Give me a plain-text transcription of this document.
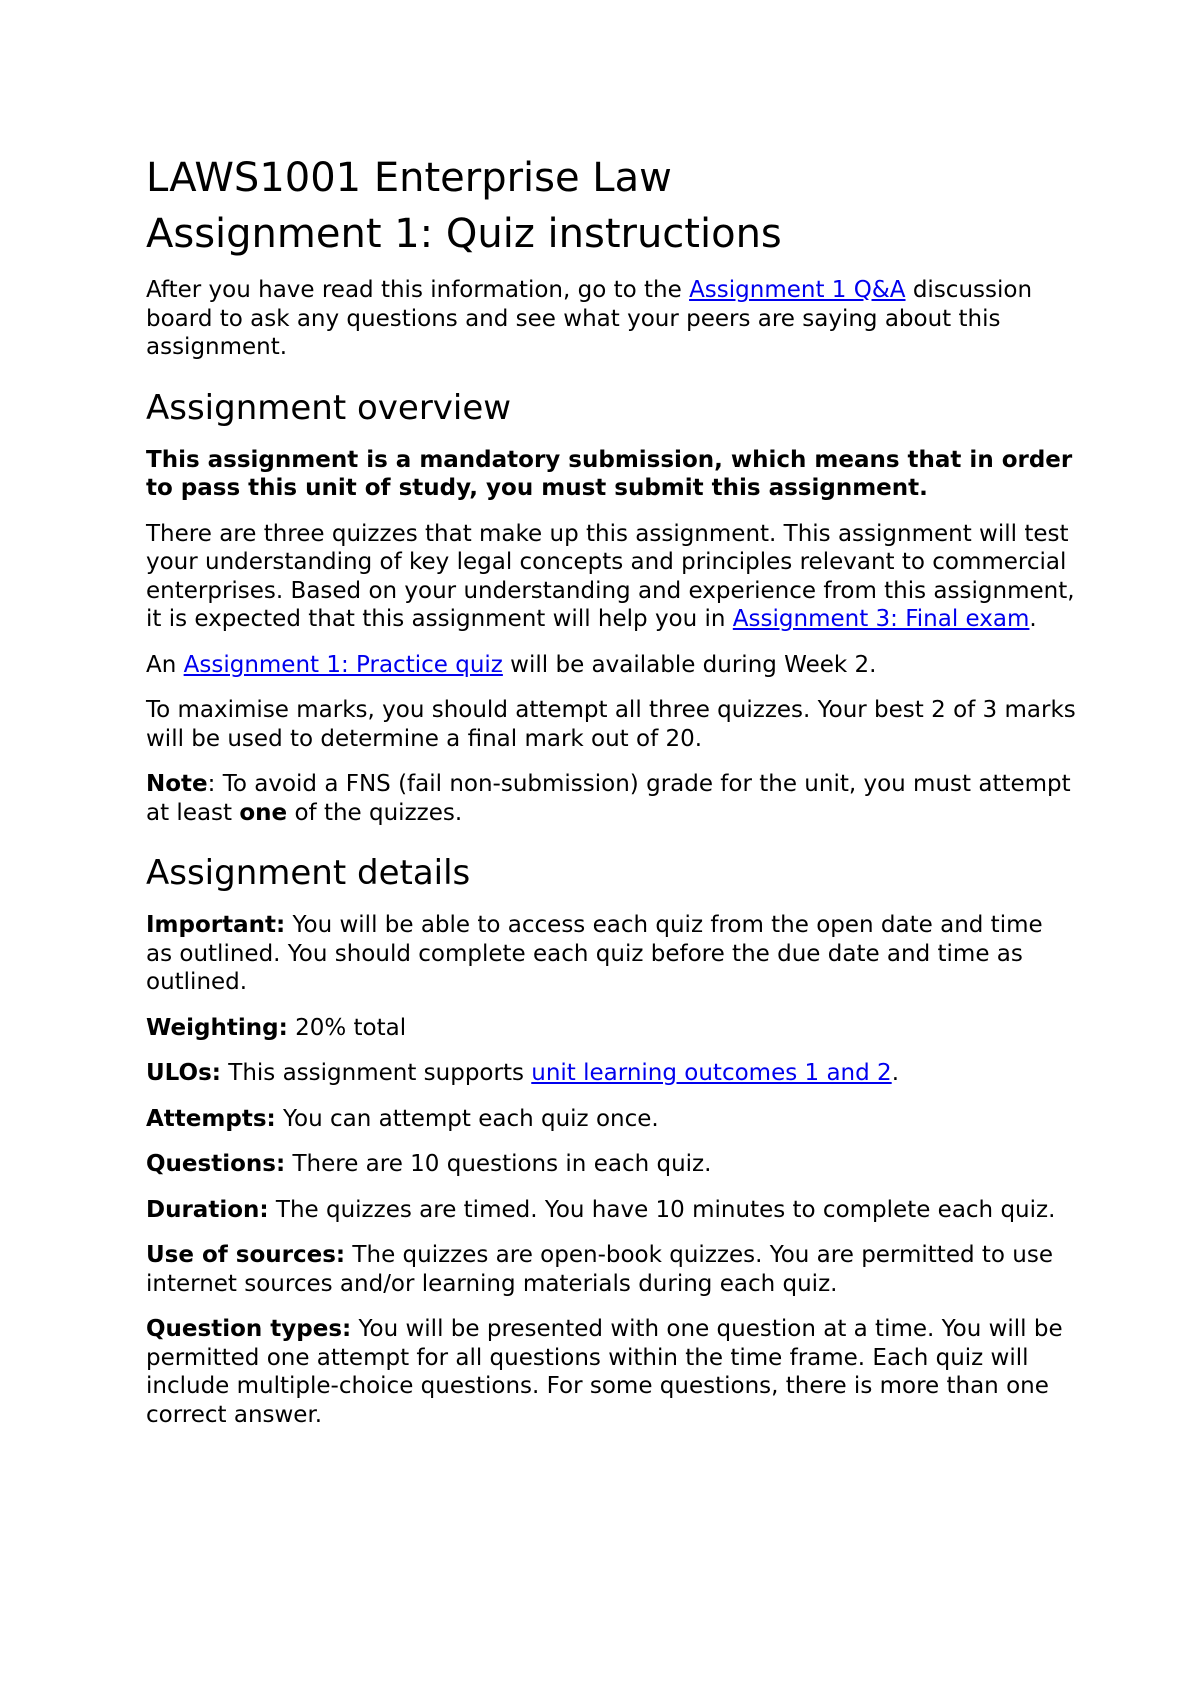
LAWS1001 Enterprise Law
Assignment 1: Quiz instructions

After you have read this information, go to the Assignment 1 Q&A discussion board to ask any questions and see what your peers are saying about this assignment.

Assignment overview

This assignment is a mandatory submission, which means that in order to pass this unit of study, you must submit this assignment.

There are three quizzes that make up this assignment. This assignment will test your understanding of key legal concepts and principles relevant to commercial enterprises. Based on your understanding and experience from this assignment, it is expected that this assignment will help you in Assignment 3: Final exam.

An Assignment 1: Practice quiz will be available during Week 2.

To maximise marks, you should attempt all three quizzes. Your best 2 of 3 marks will be used to determine a final mark out of 20.

Note: To avoid a FNS (fail non-submission) grade for the unit, you must attempt at least one of the quizzes.

Assignment details

Important: You will be able to access each quiz from the open date and time as outlined. You should complete each quiz before the due date and time as outlined.

Weighting: 20% total

ULOs: This assignment supports unit learning outcomes 1 and 2.

Attempts: You can attempt each quiz once.

Questions: There are 10 questions in each quiz.

Duration: The quizzes are timed. You have 10 minutes to complete each quiz.

Use of sources: The quizzes are open-book quizzes. You are permitted to use internet sources and/or learning materials during each quiz.

Question types: You will be presented with one question at a time. You will be permitted one attempt for all questions within the time frame. Each quiz will include multiple-choice questions. For some questions, there is more than one correct answer.
